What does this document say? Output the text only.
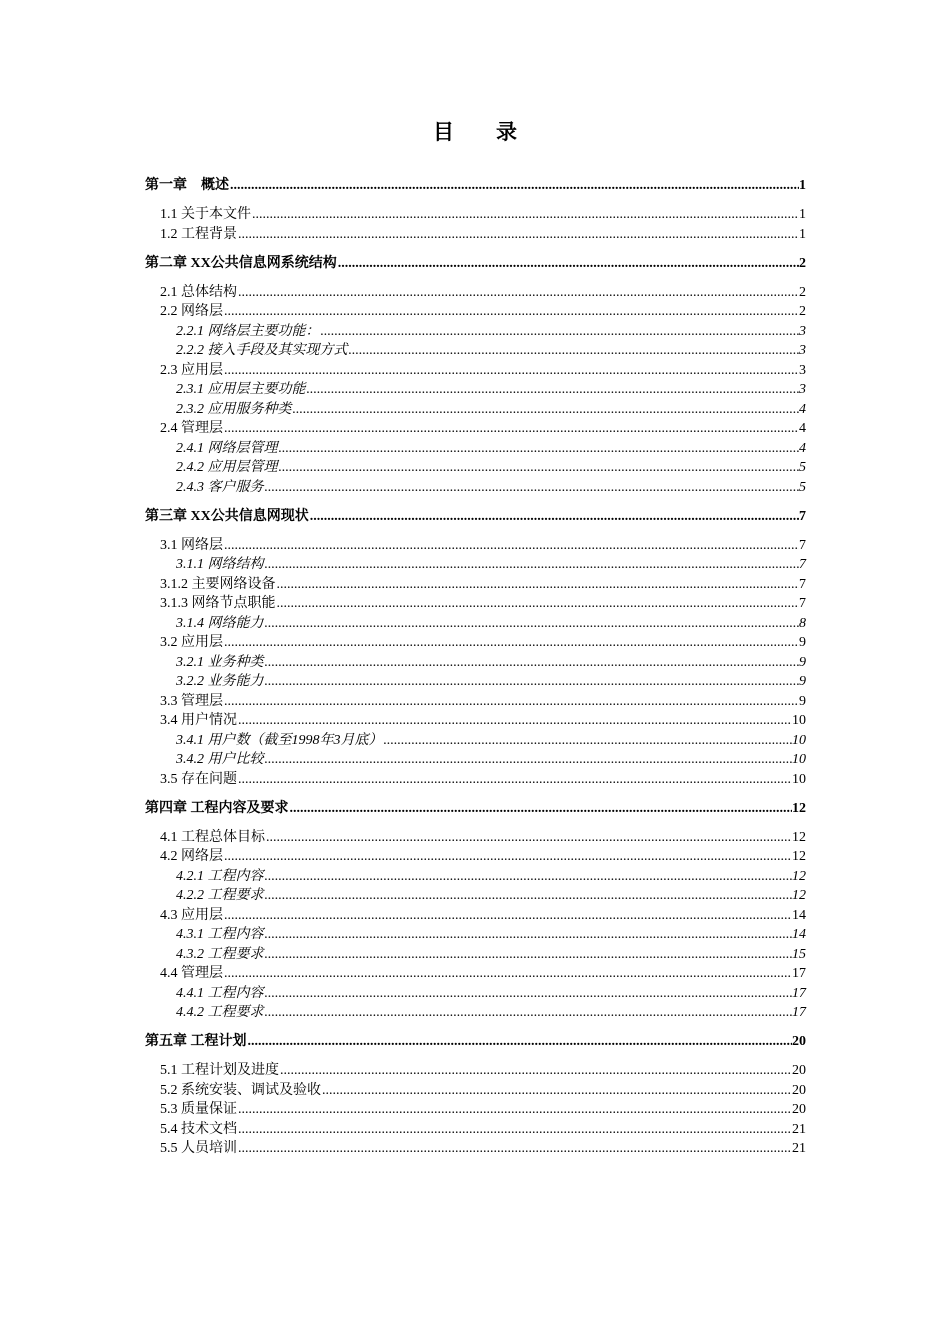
目 录
第一章　概述 .....	1
1.1 关于本文件 .....	1
1.2 工程背景 .....	1
第二章 XX公共信息网系统结构 .....	2
2.1 总体结构 .....	2
2.2 网络层 .....	2
2.2.1 网络层主要功能： .....	3
2.2.2 接入手段及其实现方式 .....	3
2.3 应用层 .....	3
2.3.1 应用层主要功能 .....	3
2.3.2 应用服务种类 .....	4
2.4 管理层 .....	4
2.4.1 网络层管理 .....	4
2.4.2 应用层管理 .....	5
2.4.3 客户服务 .....	5
第三章 XX公共信息网现状 .....	7
3.1 网络层 .....	7
3.1.1 网络结构 .....	7
3.1.2 主要网络设备 .....	7
3.1.3 网络节点职能 .....	7
3.1.4 网络能力 .....	8
3.2 应用层 .....	9
3.2.1 业务种类 .....	9
3.2.2 业务能力 .....	9
3.3 管理层 .....	9
3.4 用户情况 .....	10
3.4.1 用户数（截至1998年3月底） .....	10
3.4.2 用户比较 .....	10
3.5 存在问题 .....	10
第四章 工程内容及要求 .....	12
4.1 工程总体目标 .....	12
4.2 网络层 .....	12
4.2.1 工程内容 .....	12
4.2.2 工程要求 .....	12
4.3 应用层 .....	14
4.3.1 工程内容 .....	14
4.3.2 工程要求 .....	15
4.4 管理层 .....	17
4.4.1 工程内容 .....	17
4.4.2 工程要求 .....	17
第五章 工程计划 .....	20
5.1 工程计划及进度 .....	20
5.2 系统安装、调试及验收 .....	20
5.3 质量保证 .....	20
5.4 技术文档 .....	21
5.5 人员培训 .....	21
